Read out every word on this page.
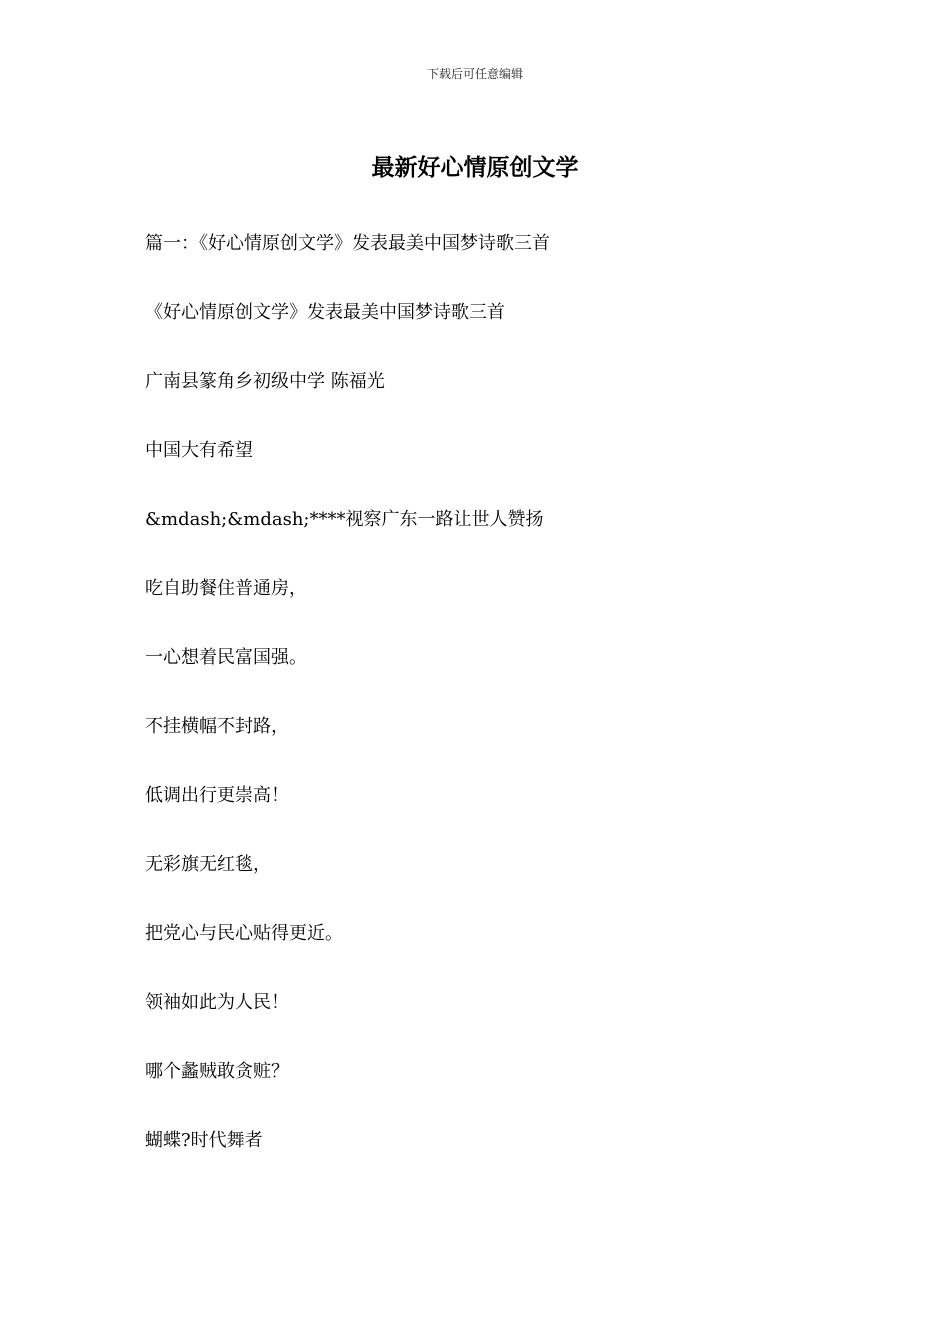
下载后可任意编辑
最新好心情原创文学
篇一：《好心情原创文学》发表最美中国梦诗歌三首
《好心情原创文学》发表最美中国梦诗歌三首
广南县篆角乡初级中学 陈福光
中国大有希望
&mdash;&mdash;****视察广东一路让世人赞扬
吃自助餐住普通房，
一心想着民富国强。
不挂横幅不封路，
低调出行更崇高！
无彩旗无红毯，
把党心与民心贴得更近。
领袖如此为人民！
哪个蠡贼敢贪赃？
蝴蝶?时代舞者
